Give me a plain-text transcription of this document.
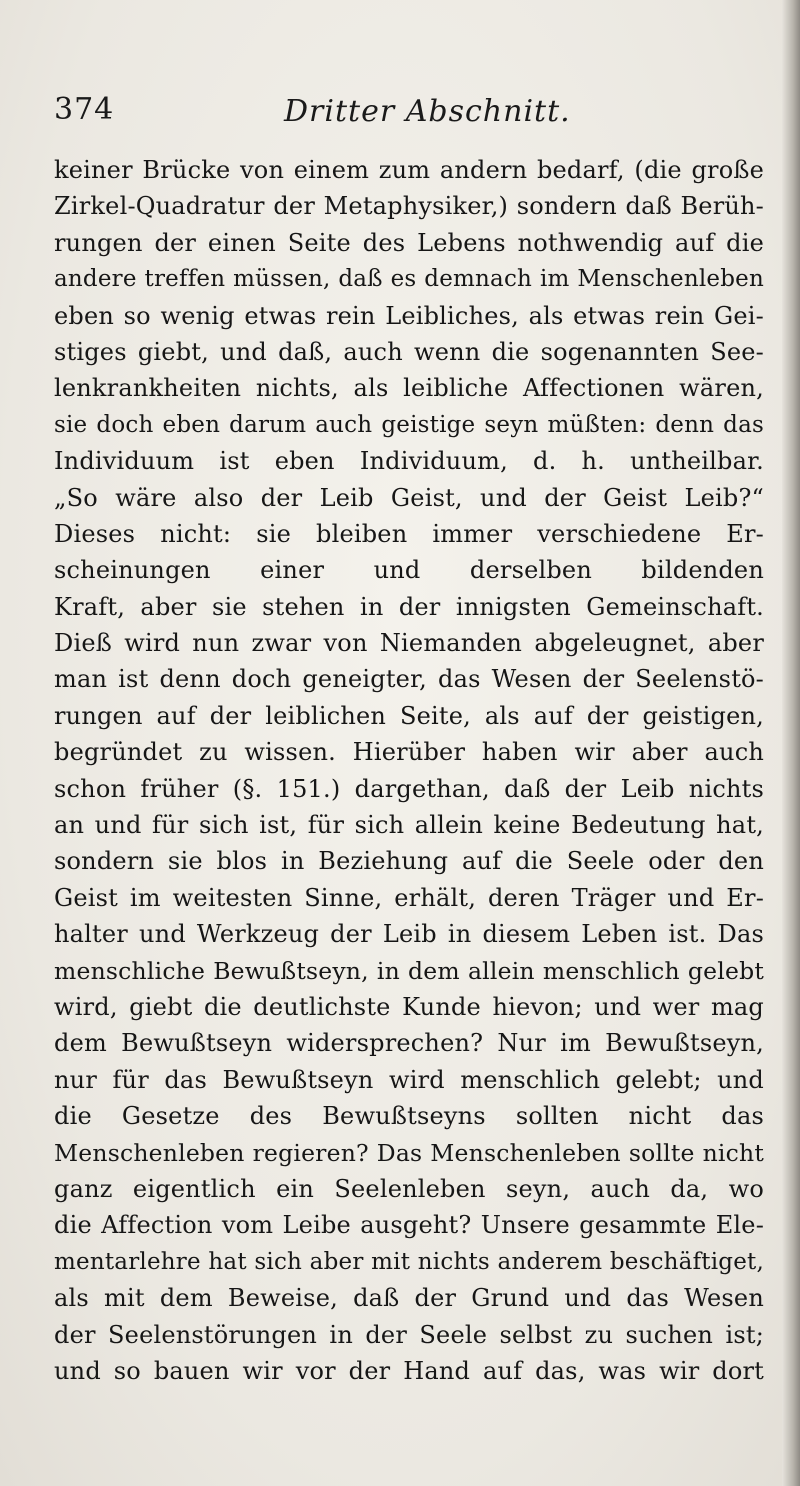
374	Dritter Abschnitt.
keiner Brücke von einem zum andern bedarf, (die große
Zirkel-Quadratur der Metaphysiker,) sondern daß Berüh-
rungen der einen Seite des Lebens nothwendig auf die
andere treffen müssen, daß es demnach im Menschenleben
eben so wenig etwas rein Leibliches, als etwas rein Gei-
stiges giebt, und daß, auch wenn die sogenannten See-
lenkrankheiten nichts, als leibliche Affectionen wären,
sie doch eben darum auch geistige seyn müßten: denn das
Individuum ist eben Individuum, d. h. untheilbar.
„So wäre also der Leib Geist, und der Geist Leib?“
Dieses nicht: sie bleiben immer verschiedene Er-
scheinungen einer und derselben bildenden
Kraft, aber sie stehen in der innigsten Gemeinschaft.
Dieß wird nun zwar von Niemanden abgeleugnet, aber
man ist denn doch geneigter, das Wesen der Seelenstö-
rungen auf der leiblichen Seite, als auf der geistigen,
begründet zu wissen. Hierüber haben wir aber auch
schon früher (§. 151.) dargethan, daß der Leib nichts
an und für sich ist, für sich allein keine Bedeutung hat,
sondern sie blos in Beziehung auf die Seele oder den
Geist im weitesten Sinne, erhält, deren Träger und Er-
halter und Werkzeug der Leib in diesem Leben ist. Das
menschliche Bewußtseyn, in dem allein menschlich gelebt
wird, giebt die deutlichste Kunde hievon; und wer mag
dem Bewußtseyn widersprechen? Nur im Bewußtseyn,
nur für das Bewußtseyn wird menschlich gelebt; und
die Gesetze des Bewußtseyns sollten nicht das
Menschenleben regieren? Das Menschenleben sollte nicht
ganz eigentlich ein Seelenleben seyn, auch da, wo
die Affection vom Leibe ausgeht? Unsere gesammte Ele-
mentarlehre hat sich aber mit nichts anderem beschäftiget,
als mit dem Beweise, daß der Grund und das Wesen
der Seelenstörungen in der Seele selbst zu suchen ist;
und so bauen wir vor der Hand auf das, was wir dort
